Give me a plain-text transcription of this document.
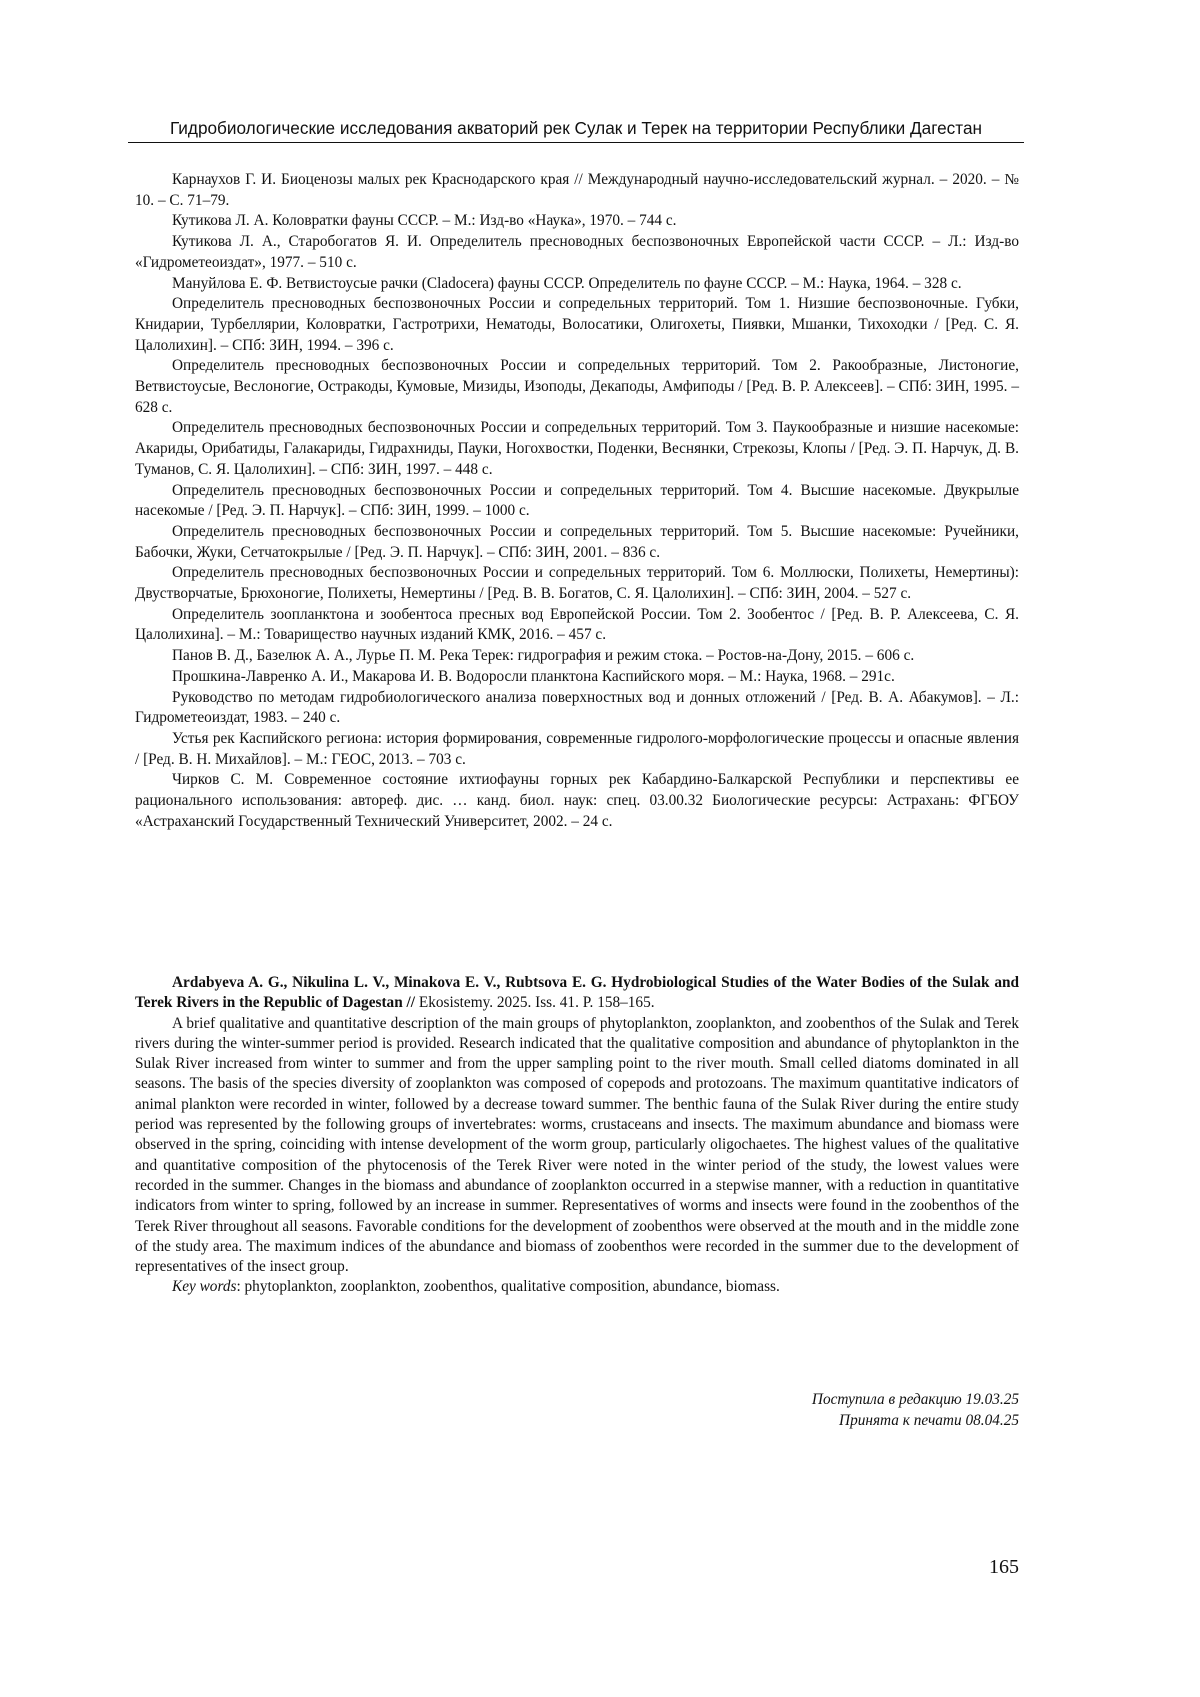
Гидробиологические исследования акваторий рек Сулак и Терек на территории Республики Дагестан

Карнаухов Г. И. Биоценозы малых рек Краснодарского края // Международный научно-исследовательский журнал. – 2020. – № 10. – С. 71–79.

Кутикова Л. А. Коловратки фауны СССР. – М.: Изд-во «Наука», 1970. – 744 с.

Кутикова Л. А., Старобогатов Я. И. Определитель пресноводных беспозвоночных Европейской части СССР. – Л.: Изд-во «Гидрометеоиздат», 1977. – 510 с.

Мануйлова Е. Ф. Ветвистоусые рачки (Cladocera) фауны СССР. Определитель по фауне СССР. – М.: Наука, 1964. – 328 с.

Определитель пресноводных беспозвоночных России и сопредельных территорий. Том 1. Низшие беспозвоночные. Губки, Книдарии, Турбеллярии, Коловратки, Гастротрихи, Нематоды, Волосатики, Олигохеты, Пиявки, Мшанки, Тихоходки / [Ред. С. Я. Цалолихин]. – СПб: ЗИН, 1994. – 396 с.

Определитель пресноводных беспозвоночных России и сопредельных территорий. Том 2. Ракообразные, Листоногие, Ветвистоусые, Веслоногие, Остракоды, Кумовые, Мизиды, Изоподы, Декаподы, Амфиподы / [Ред. В. Р. Алексеев]. – СПб: ЗИН, 1995. – 628 с.

Определитель пресноводных беспозвоночных России и сопредельных территорий. Том 3. Паукообразные и низшие насекомые: Акариды, Орибатиды, Галакариды, Гидрахниды, Пауки, Ногохвостки, Поденки, Веснянки, Стрекозы, Клопы / [Ред. Э. П. Нарчук, Д. В. Туманов, С. Я. Цалолихин]. – СПб: ЗИН, 1997. – 448 с.

Определитель пресноводных беспозвоночных России и сопредельных территорий. Том 4. Высшие насекомые. Двукрылые насекомые / [Ред. Э. П. Нарчук]. – СПб: ЗИН, 1999. – 1000 с.

Определитель пресноводных беспозвоночных России и сопредельных территорий. Том 5. Высшие насекомые: Ручейники, Бабочки, Жуки, Сетчатокрылые / [Ред. Э. П. Нарчук]. – СПб: ЗИН, 2001. – 836 с.

Определитель пресноводных беспозвоночных России и сопредельных территорий. Том 6. Моллюски, Полихеты, Немертины): Двустворчатые, Брюхоногие, Полихеты, Немертины / [Ред. В. В. Богатов, С. Я. Цалолихин]. – СПб: ЗИН, 2004. – 527 с.

Определитель зоопланктона и зообентоса пресных вод Европейской России. Том 2. Зообентос / [Ред. В. Р. Алексеева, С. Я. Цалолихина]. – М.: Товарищество научных изданий КМК, 2016. – 457 с.

Панов В. Д., Базелюк А. А., Лурье П. М. Река Терек: гидрография и режим стока. – Ростов-на-Дону, 2015. – 606 с.

Прошкина-Лавренко А. И., Макарова И. В. Водоросли планктона Каспийского моря. – М.: Наука, 1968. – 291с.

Руководство по методам гидробиологического анализа поверхностных вод и донных отложений / [Ред. В. А. Абакумов]. – Л.: Гидрометеоиздат, 1983. – 240 с.

Устья рек Каспийского региона: история формирования, современные гидролого-морфологические процессы и опасные явления / [Ред. В. Н. Михайлов]. – М.: ГЕОС, 2013. – 703 с.

Чирков С. М. Современное состояние ихтиофауны горных рек Кабардино-Балкарской Республики и перспективы ее рационального использования: автореф. дис. … канд. биол. наук: спец. 03.00.32 Биологические ресурсы: Астрахань: ФГБОУ «Астраханский Государственный Технический Университет, 2002. – 24 с.

Ardabyeva A. G., Nikulina L. V., Minakova E. V., Rubtsova E. G. Hydrobiological Studies of the Water Bodies of the Sulak and Terek Rivers in the Republic of Dagestan // Ekosistemy. 2025. Iss. 41. P. 158–165.

A brief qualitative and quantitative description of the main groups of phytoplankton, zooplankton, and zoobenthos of the Sulak and Terek rivers during the winter-summer period is provided. Research indicated that the qualitative composition and abundance of phytoplankton in the Sulak River increased from winter to summer and from the upper sampling point to the river mouth. Small celled diatoms dominated in all seasons. The basis of the species diversity of zooplankton was composed of copepods and protozoans. The maximum quantitative indicators of animal plankton were recorded in winter, followed by a decrease toward summer. The benthic fauna of the Sulak River during the entire study period was represented by the following groups of invertebrates: worms, crustaceans and insects. The maximum abundance and biomass were observed in the spring, coinciding with intense development of the worm group, particularly oligochaetes. The highest values of the qualitative and quantitative composition of the phytocenosis of the Terek River were noted in the winter period of the study, the lowest values were recorded in the summer. Changes in the biomass and abundance of zooplankton occurred in a stepwise manner, with a reduction in quantitative indicators from winter to spring, followed by an increase in summer. Representatives of worms and insects were found in the zoobenthos of the Terek River throughout all seasons. Favorable conditions for the development of zoobenthos were observed at the mouth and in the middle zone of the study area. The maximum indices of the abundance and biomass of zoobenthos were recorded in the summer due to the development of representatives of the insect group.

Key words: phytoplankton, zooplankton, zoobenthos, qualitative composition, abundance, biomass.

Поступила в редакцию 19.03.25
Принята к печати 08.04.25
165
